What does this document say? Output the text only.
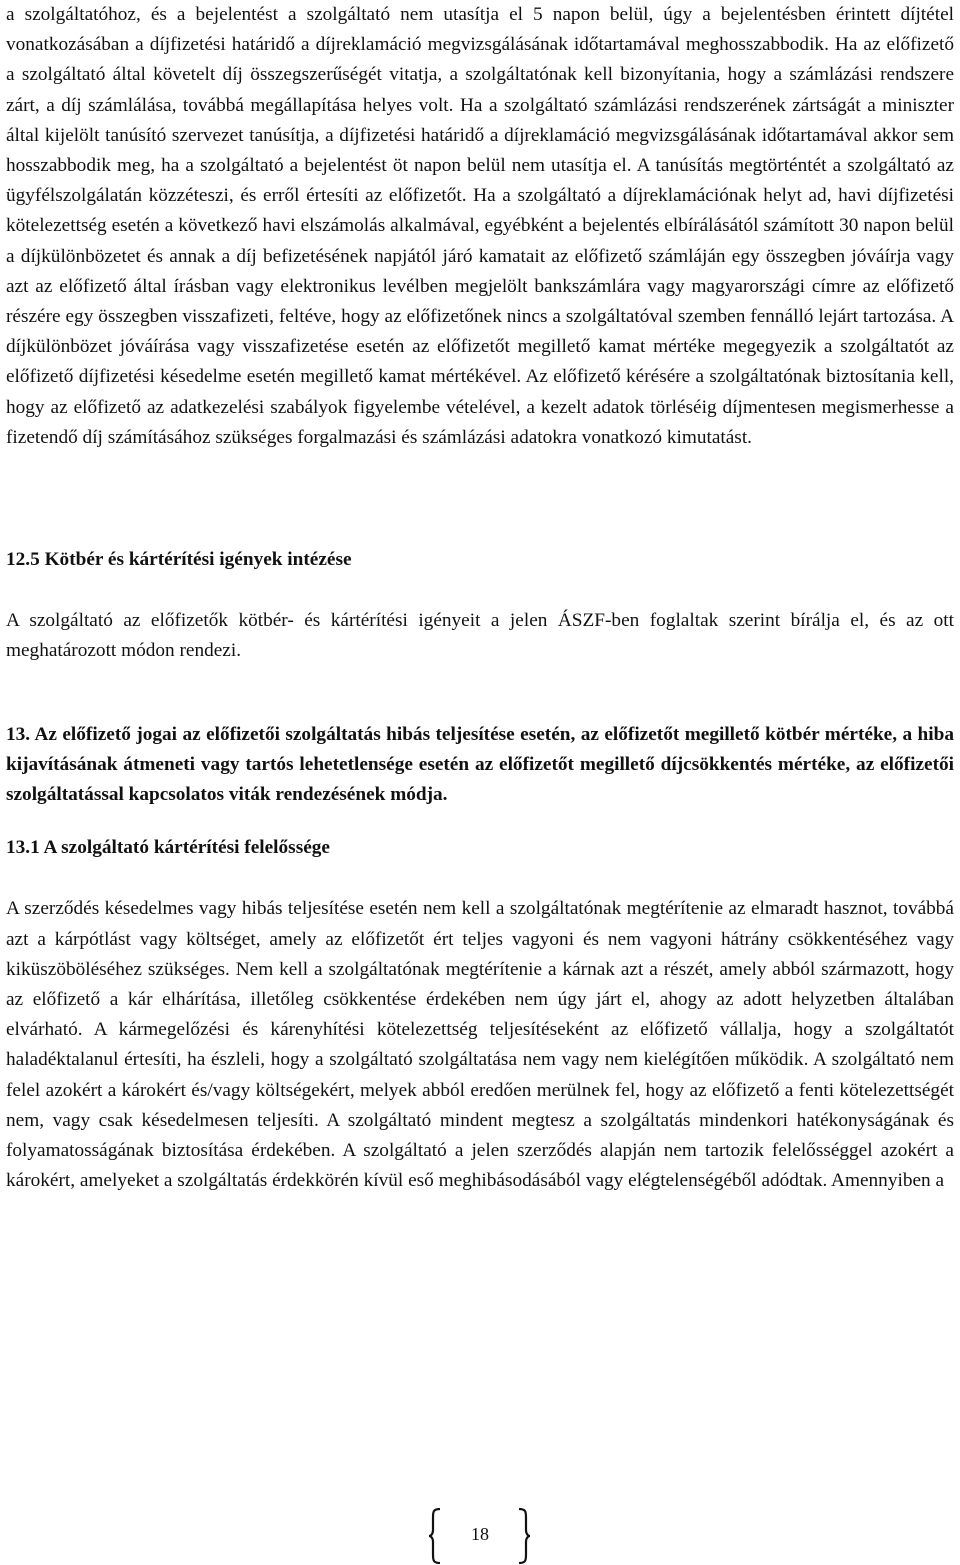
a szolgáltatóhoz, és a bejelentést a szolgáltató nem utasítja el 5 napon belül, úgy a bejelentésben érintett díjtétel vonatkozásában a díjfizetési határidő a díjreklamáció megvizsgálásának időtartamával meghosszabbodik. Ha az előfizető a szolgáltató által követelt díj összegszerűségét vitatja, a szolgáltatónak kell bizonyítania, hogy a számlázási rendszere zárt, a díj számlálása, továbbá megállapítása helyes volt. Ha a szolgáltató számlázási rendszerének zártságát a miniszter által kijelölt tanúsító szervezet tanúsítja, a díjfizetési határidő a díjreklamáció megvizsgálásának időtartamával akkor sem hosszabbodik meg, ha a szolgáltató a bejelentést öt napon belül nem utasítja el. A tanúsítás megtörténtét a szolgáltató az ügyfélszolgálatán közzéteszi, és erről értesíti az előfizetőt. Ha a szolgáltató a díjreklamációnak helyt ad, havi díjfizetési kötelezettség esetén a következő havi elszámolás alkalmával, egyébként a bejelentés elbírálásától számított 30 napon belül a díjkülönbözetet és annak a díj befizetésének napjától járó kamatait az előfizető számláján egy összegben jóváírja vagy azt az előfizető által írásban vagy elektronikus levélben megjelölt bankszámlára vagy magyarországi címre az előfizető részére egy összegben visszafizeti, feltéve, hogy az előfizetőnek nincs a szolgáltatóval szemben fennálló lejárt tartozása. A díjkülönbözet jóváírása vagy visszafizetése esetén az előfizetőt megillető kamat mértéke megegyezik a szolgáltatót az előfizető díjfizetési késedelme esetén megillető kamat mértékével. Az előfizető kérésére a szolgáltatónak biztosítania kell, hogy az előfizető az adatkezelési szabályok figyelembe vételével, a kezelt adatok törléséig díjmentesen megismerhesse a fizetendő díj számításához szükséges forgalmazási és számlázási adatokra vonatkozó kimutatást.

12.5 Kötbér és kártérítési igények intézése

A szolgáltató az előfizetők kötbér- és kártérítési igényeit a jelen ÁSZF-ben foglaltak szerint bírálja el, és az ott meghatározott módon rendezi.

13. Az előfizető jogai az előfizetői szolgáltatás hibás teljesítése esetén, az előfizetőt megillető kötbér mértéke, a hiba kijavításának átmeneti vagy tartós lehetetlensége esetén az előfizetőt megillető díjcsökkentés mértéke, az előfizetői szolgáltatással kapcsolatos viták rendezésének módja.
13.1 A szolgáltató kártérítési felelőssége

A szerződés késedelmes vagy hibás teljesítése esetén nem kell a szolgáltatónak megtérítenie az elmaradt hasznot, továbbá azt a kárpótlást vagy költséget, amely az előfizetőt ért teljes vagyoni és nem vagyoni hátrány csökkentéséhez vagy kiküszöböléséhez szükséges. Nem kell a szolgáltatónak megtérítenie a kárnak azt a részét, amely abból származott, hogy az előfizető a kár elhárítása, illetőleg csökkentése érdekében nem úgy járt el, ahogy az adott helyzetben általában elvárható. A kármegelőzési és kárenyhítési kötelezettség teljesítéseként az előfizető vállalja, hogy a szolgáltatót haladéktalanul értesíti, ha észleli, hogy a szolgáltató szolgáltatása nem vagy nem kielégítően működik. A szolgáltató nem felel azokért a károkért és/vagy költségekért, melyek abból eredően merülnek fel, hogy az előfizető a fenti kötelezettségét nem, vagy csak késedelmesen teljesíti. A szolgáltató mindent megtesz a szolgáltatás mindenkori hatékonyságának és folyamatosságának biztosítása érdekében. A szolgáltató a jelen szerződés alapján nem tartozik felelősséggel azokért a károkért, amelyeket a szolgáltatás érdekkörén kívül eső meghibásodásából vagy elégtelenségéből adódtak. Amennyiben a

18
